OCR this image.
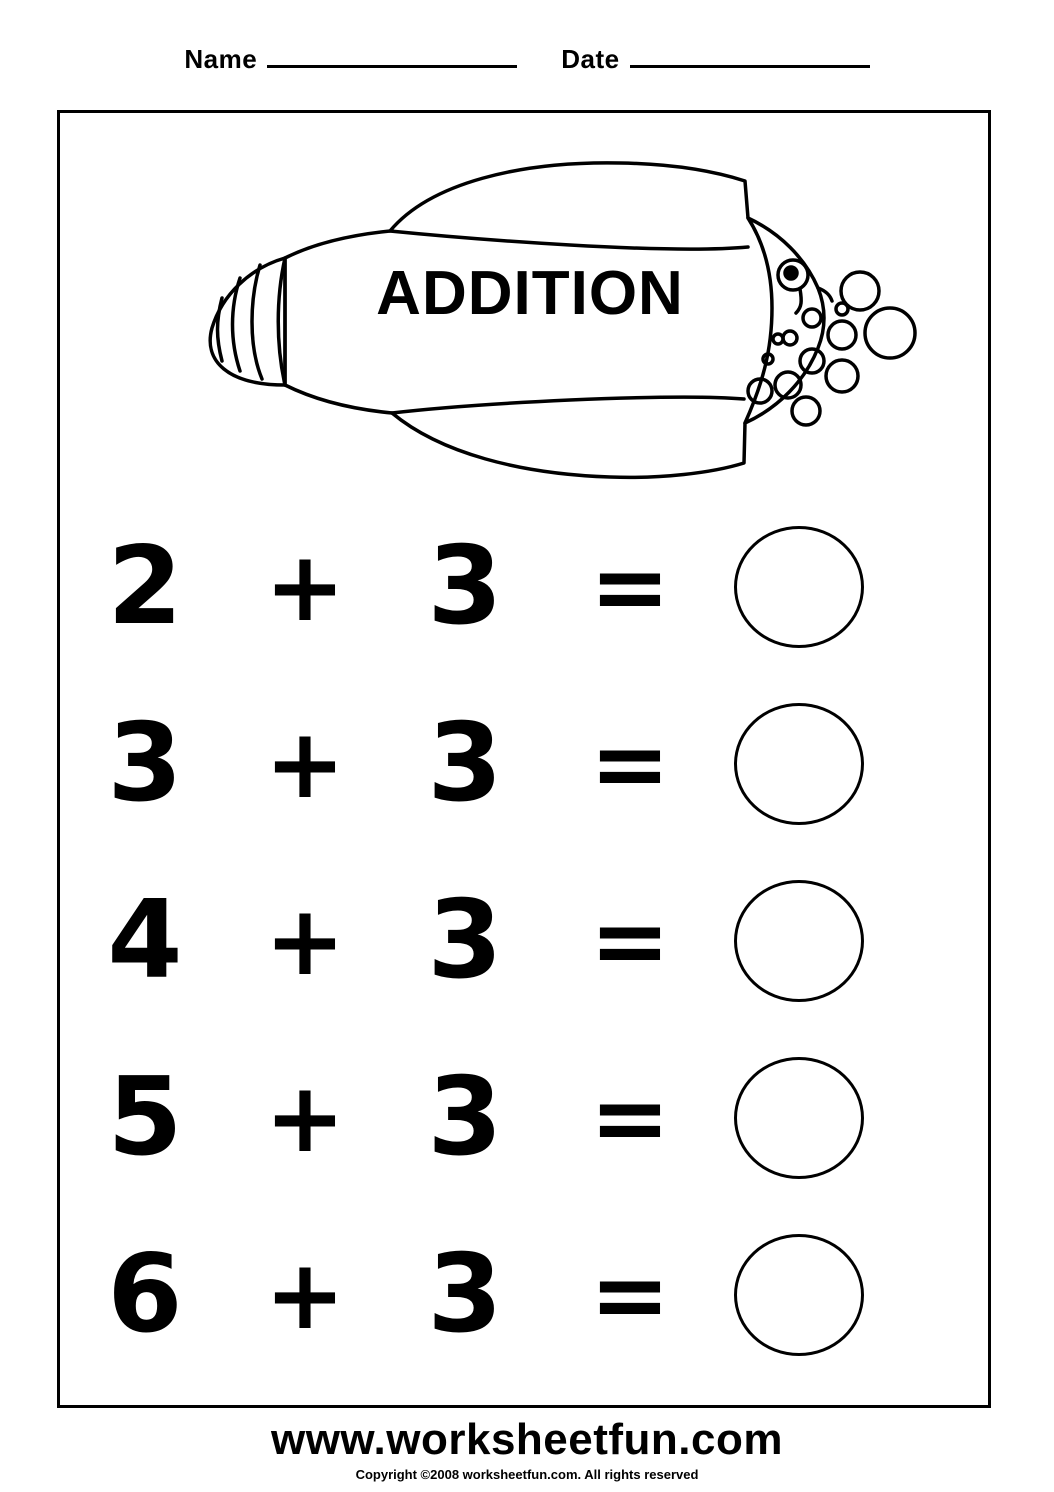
Name	Date
ADDITION
2 + 3 =
3 + 3 =
4 + 3 =
5 + 3 =
6 + 3 =
www.worksheetfun.com
Copyright ©2008 worksheetfun.com. All rights reserved
